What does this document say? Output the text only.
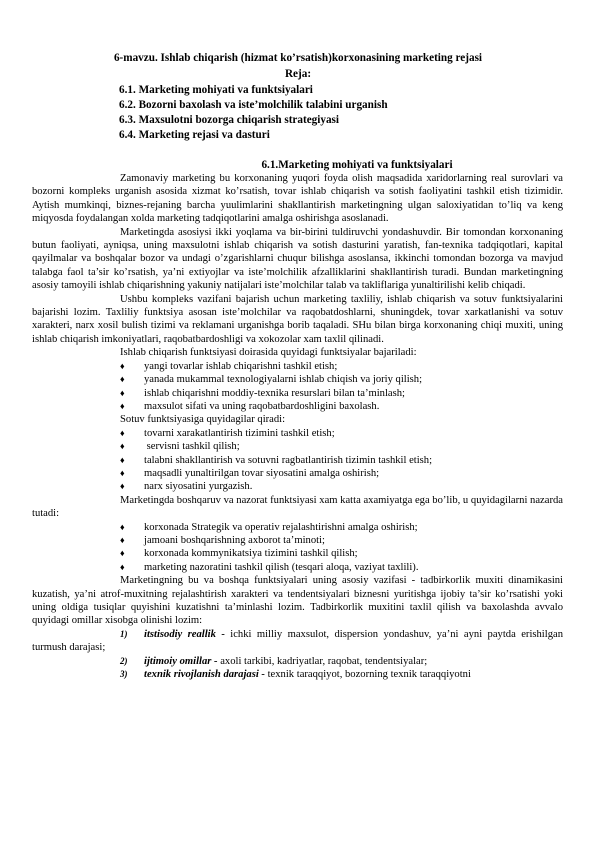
6-mavzu. Ishlab chiqarish (hizmat ko’rsatish)korxonasining marketing rejasi
Reja:
6.1. Marketing mohiyati va funktsiyalari
6.2. Bozorni baxolash va iste’molchilik talabini urganish
6.3. Maxsulotni bozorga chiqarish strategiyasi
6.4. Marketing rejasi va dasturi
6.1.Marketing mohiyati va funktsiyalari

Zamonaviy marketing bu korxonaning yuqori foyda olish maqsadida xaridorlarning real surovlari va bozorni kompleks urganish asosida xizmat ko’rsatish, tovar ishlab chiqarish va sotish faoliyatini tashkil etish tizimidir. Aytish mumkinqi, biznes-rejaning barcha yuulimlarini shakllantirish marketingning ulgan saloxiyatidan to’liq va keng miqyosda foydalangan xolda marketing tadqiqotlarini amalga oshirishga asoslanadi.

Marketingda asosiysi ikki yoqlama va bir-birini tuldiruvchi yondashuvdir. Bir tomondan korxonaning butun faoliyati, ayniqsa, uning maxsulotni ishlab chiqarish va sotish dasturini yaratish, fan-texnika tadqiqotlari, kapital qayilmalar va boshqalar bozor va undagi o’zgarishlarni chuqur bilishga asoslansa, ikkinchi tomondan bozorga va mavjud talabga faol ta’sir ko’rsatish, ya’ni extiyojlar va iste’molchilik afzalliklarini shakllantirish turadi. Bundan marketingning asosiy tamoyili ishlab chiqarishning yakuniy natijalari iste’molchilar talab va takliflariga yunaltirilishi kelib chiqadi.

Ushbu kompleks vazifani bajarish uchun marketing taxliliy, ishlab chiqarish va sotuv funktsiyalarini bajarishi lozim. Taxliliy funktsiya asosan iste’molchilar va raqobatdoshlarni, shuningdek, tovar xarkatlanishi va sotuv xarakteri, narx xosil bulish tizimi va reklamani urganishga borib taqaladi. SHu bilan birga korxonaning chiqi muxiti, uning ishlab chiqarish imkoniyatlari, raqobatbardoshligi va xokozolar xam taxlil qilinadi.

Ishlab chiqarish funktsiyasi doirasida quyidagi funktsiyalar bajariladi:

♦ yangi tovarlar ishlab chiqarishni tashkil etish;
♦ yanada mukammal texnologiyalarni ishlab chiqish va joriy qilish;
♦ ishlab chiqarishni moddiy-texnika resurslari bilan ta’minlash;
♦ maxsulot sifati va uning raqobatbardoshligini baxolash.

Sotuv funktsiyasiga quyidagilar qiradi:

♦ tovarni xarakatlantirish tizimini tashkil etish;
♦ servisni tashkil qilish;
♦ talabni shakllantirish va sotuvni ragbatlantirish tizimin tashkil etish;
♦ maqsadli yunaltirilgan tovar siyosatini amalga oshirish;
♦ narx siyosatini yurgazish.

Marketingda boshqaruv va nazorat funktsiyasi xam katta axamiyatga ega bo’lib, u quyidagilarni nazarda tutadi:

♦ korxonada Strategik va operativ rejalashtirishni amalga oshirish;
♦ jamoani boshqarishning axborot ta’minoti;
♦ korxonada kommynikatsiya tizimini tashkil qilish;
♦ marketing nazoratini tashkil qilish (tesqari aloqa, vaziyat taxlili).

Marketingning bu va boshqa funktsiyalari uning asosiy vazifasi - tadbirkorlik muxiti dinamikasini kuzatish, ya’ni atrof-muxitning rejalashtirish xarakteri va tendentsiyalari biznesni yuritishga ijobiy ta’sir ko’rsatishi yoki uning oldiga tusiqlar quyishini kuzatishni ta’minlashi lozim. Tadbirkorlik muxitini taxlil qilish va baxolashda avvalo quyidagi omillar xisobga olinishi lozim:

1) itstisodiy reallik - ichki milliy maxsulot, dispersion yondashuv, ya’ni ayni paytda erishilgan turmush darajasi;
2) ijtimoiy omillar - axoli tarkibi, kadriyatlar, raqobat, tendentsiyalar;
3) texnik rivojlanish darajasi - texnik taraqqiyot, bozorning texnik taraqqiyotni
